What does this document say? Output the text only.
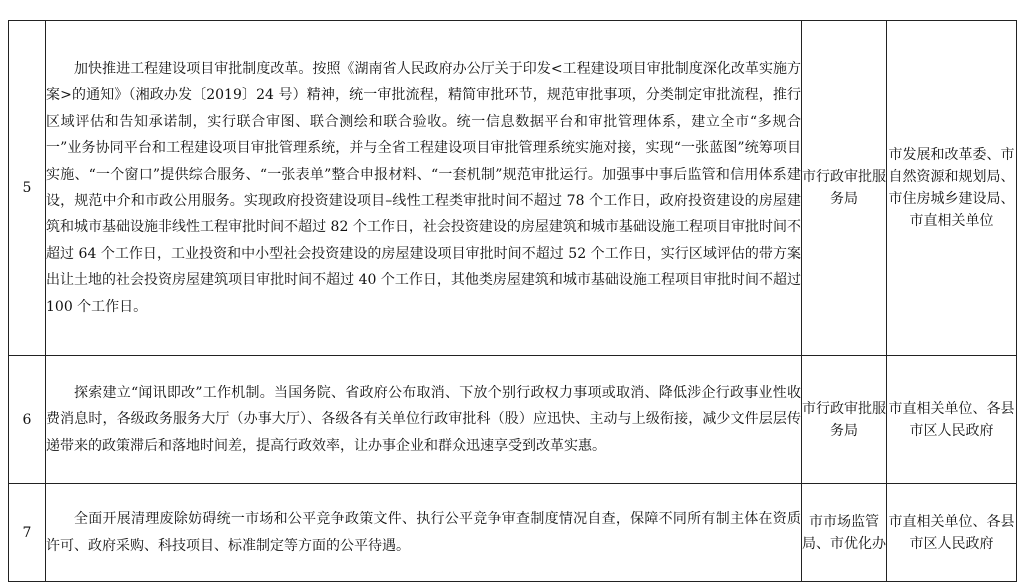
5	加快推进工程建设项目审批制度改革。按照《湖南省人民政府办公厅关于印发<工程建设项目审批制度深化改革实施方案>的通知》（湘政办发〔2019〕24 号）精神，统一审批流程，精简审批环节，规范审批事项，分类制定审批流程，推行区域评估和告知承诺制，实行联合审图、联合测绘和联合验收。统一信息数据平台和审批管理体系，建立全市“多规合一”业务协同平台和工程建设项目审批管理系统，并与全省工程建设项目审批管理系统实施对接，实现“一张蓝图”统筹项目实施、“一个窗口”提供综合服务、“一张表单”整合申报材料、“一套机制”规范审批运行。加强事中事后监管和信用体系建设，规范中介和市政公用服务。实现政府投资建设项目–线性工程类审批时间不超过 78 个工作日，政府投资建设的房屋建筑和城市基础设施非线性工程审批时间不超过 82 个工作日，社会投资建设的房屋建筑和城市基础设施工程项目审批时间不超过 64 个工作日，工业投资和中小型社会投资建设的房屋建设项目审批时间不超过 52 个工作日，实行区域评估的带方案出让土地的社会投资房屋建筑项目审批时间不超过 40 个工作日，其他类房屋建筑和城市基础设施工程项目审批时间不超过 100 个工作日。	市行政审批服务局	市发展和改革委、市自然资源和规划局、市住房城乡建设局、 市直相关单位
6	探索建立“闻讯即改”工作机制。当国务院、省政府公布取消、下放个别行政权力事项或取消、降低涉企行政事业性收费消息时，各级政务服务大厅（办事大厅）、各级各有关单位行政审批科（股）应迅快、主动与上级衔接，减少文件层层传递带来的政策滞后和落地时间差，提高行政效率，让办事企业和群众迅速享受到改革实惠。	市行政审批服务局	市直相关单位、各县市区人民政府
7	全面开展清理废除妨碍统一市场和公平竞争政策文件、执行公平竞争审查制度情况自查，保障不同所有制主体在资质许可、政府采购、科技项目、标准制定等方面的公平待遇。	市市场监管局、市优化办	市直相关单位、各县市区人民政府
